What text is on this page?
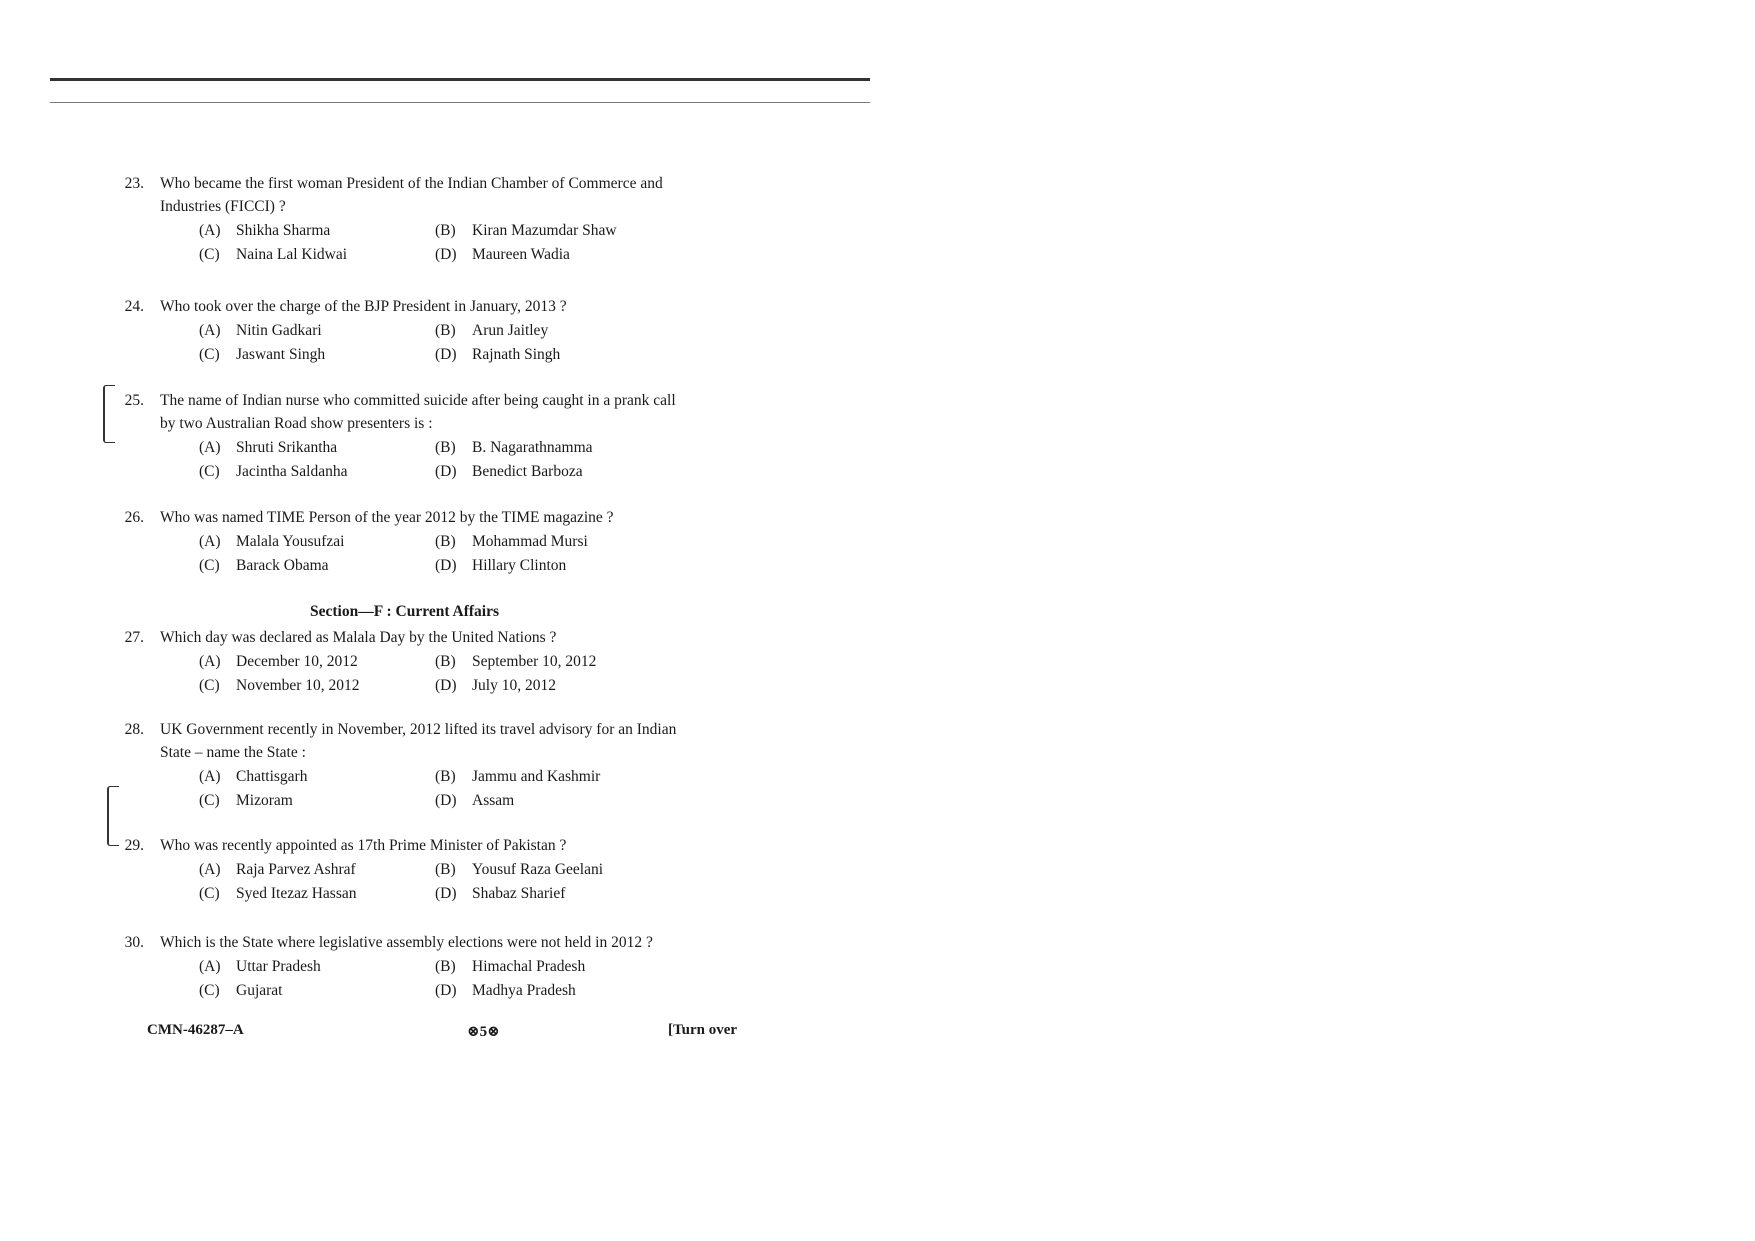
23. Who became the first woman President of the Indian Chamber of Commerce and Industries (FICCI) ?
(A) Shikha Sharma	(B)	Kiran Mazumdar Shaw
(C)	Naina Lal Kidwai	(D) Maureen Wadia
24. Who took over the charge of the BJP President in January, 2013 ?
(A) Nitin Gadkari	(B)	Arun Jaitley
(C)	Jaswant Singh	(D) Rajnath Singh
25. The name of Indian nurse who committed suicide after being caught in a prank call by two Australian Road show presenters is :
(A) Shruti Srikantha	(B)	B. Nagarathnamma
(C)	Jacintha Saldanha	(D) Benedict Barboza
26. Who was named TIME Person of the year 2012 by the TIME magazine ?
(A) Malala Yousufzai	(B)	Mohammad Mursi
(C)	Barack Obama	(D) Hillary Clinton
27. Which day was declared as Malala Day by the United Nations ?
(A) December 10, 2012	(B)	September 10, 2012
(C)	November 10, 2012	(D) July 10, 2012
28. UK Government recently in November, 2012 lifted its travel advisory for an Indian State – name the State :
(A) Chattisgarh	(B)	Jammu and Kashmir
(C)	Mizoram	(D) Assam
29. Who was recently appointed as 17th Prime Minister of Pakistan ?
(A) Raja Parvez Ashraf	(B)	Yousuf Raza Geelani
(C)	Syed Itezaz Hassan	(D) Shabaz Sharief
30. Which is the State where legislative assembly elections were not held in 2012 ?
(A) Uttar Pradesh	(B)	Himachal Pradesh
(C)	Gujarat	(D) Madhya Pradesh
Section—F : Current Affairs
CMN-46287–A	⊗5⊗	[Turn over
